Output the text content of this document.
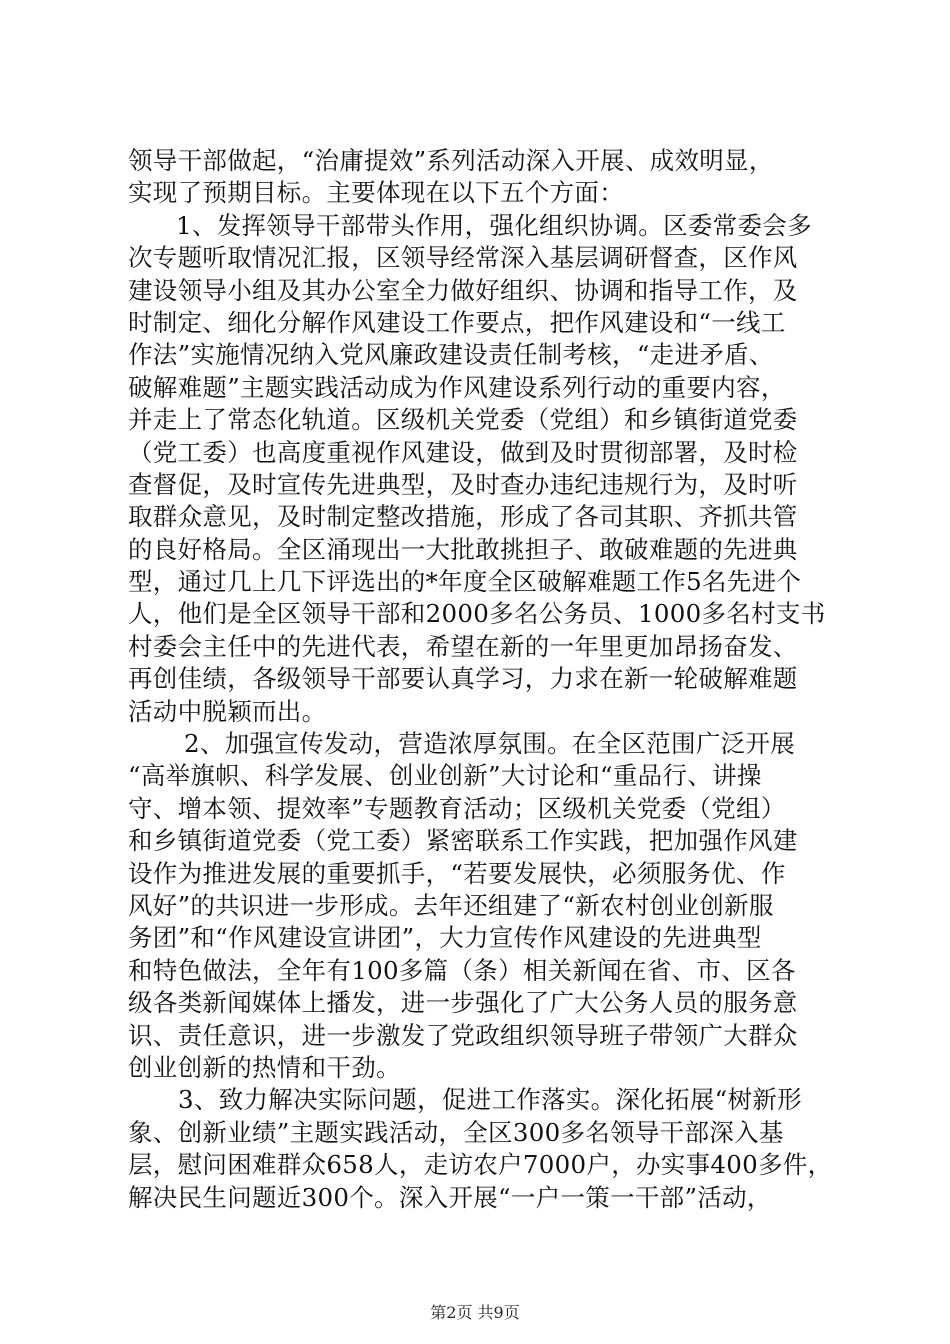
领导干部做起，“治庸提效”系列活动深入开展、成效明显，
实现了预期目标。主要体现在以下五个方面：
1、发挥领导干部带头作用，强化组织协调。区委常委会多
次专题听取情况汇报，区领导经常深入基层调研督查，区作风
建设领导小组及其办公室全力做好组织、协调和指导工作，及
时制定、细化分解作风建设工作要点，把作风建设和“一线工
作法”实施情况纳入党风廉政建设责任制考核，“走进矛盾、
破解难题”主题实践活动成为作风建设系列行动的重要内容，
并走上了常态化轨道。区级机关党委（党组）和乡镇街道党委
（党工委）也高度重视作风建设，做到及时贯彻部署，及时检
查督促，及时宣传先进典型，及时查办违纪违规行为，及时听
取群众意见，及时制定整改措施，形成了各司其职、齐抓共管
的良好格局。全区涌现出一大批敢挑担子、敢破难题的先进典
型，通过几上几下评选出的*年度全区破解难题工作5名先进个
人，他们是全区领导干部和2000多名公务员、1000多名村支书
村委会主任中的先进代表，希望在新的一年里更加昂扬奋发、
再创佳绩，各级领导干部要认真学习，力求在新一轮破解难题
活动中脱颖而出。
2、加强宣传发动，营造浓厚氛围。在全区范围广泛开展
“高举旗帜、科学发展、创业创新”大讨论和“重品行、讲操
守、增本领、提效率”专题教育活动；区级机关党委（党组）
和乡镇街道党委（党工委）紧密联系工作实践，把加强作风建
设作为推进发展的重要抓手，“若要发展快，必须服务优、作
风好”的共识进一步形成。去年还组建了“新农村创业创新服
务团”和“作风建设宣讲团”，大力宣传作风建设的先进典型
和特色做法，全年有100多篇（条）相关新闻在省、市、区各
级各类新闻媒体上播发，进一步强化了广大公务人员的服务意
识、责任意识，进一步激发了党政组织领导班子带领广大群众
创业创新的热情和干劲。
3、致力解决实际问题，促进工作落实。深化拓展“树新形
象、创新业绩”主题实践活动，全区300多名领导干部深入基
层，慰问困难群众658人，走访农户7000户，办实事400多件，
解决民生问题近300个。深入开展“一户一策一干部”活动，
第2页 共9页
